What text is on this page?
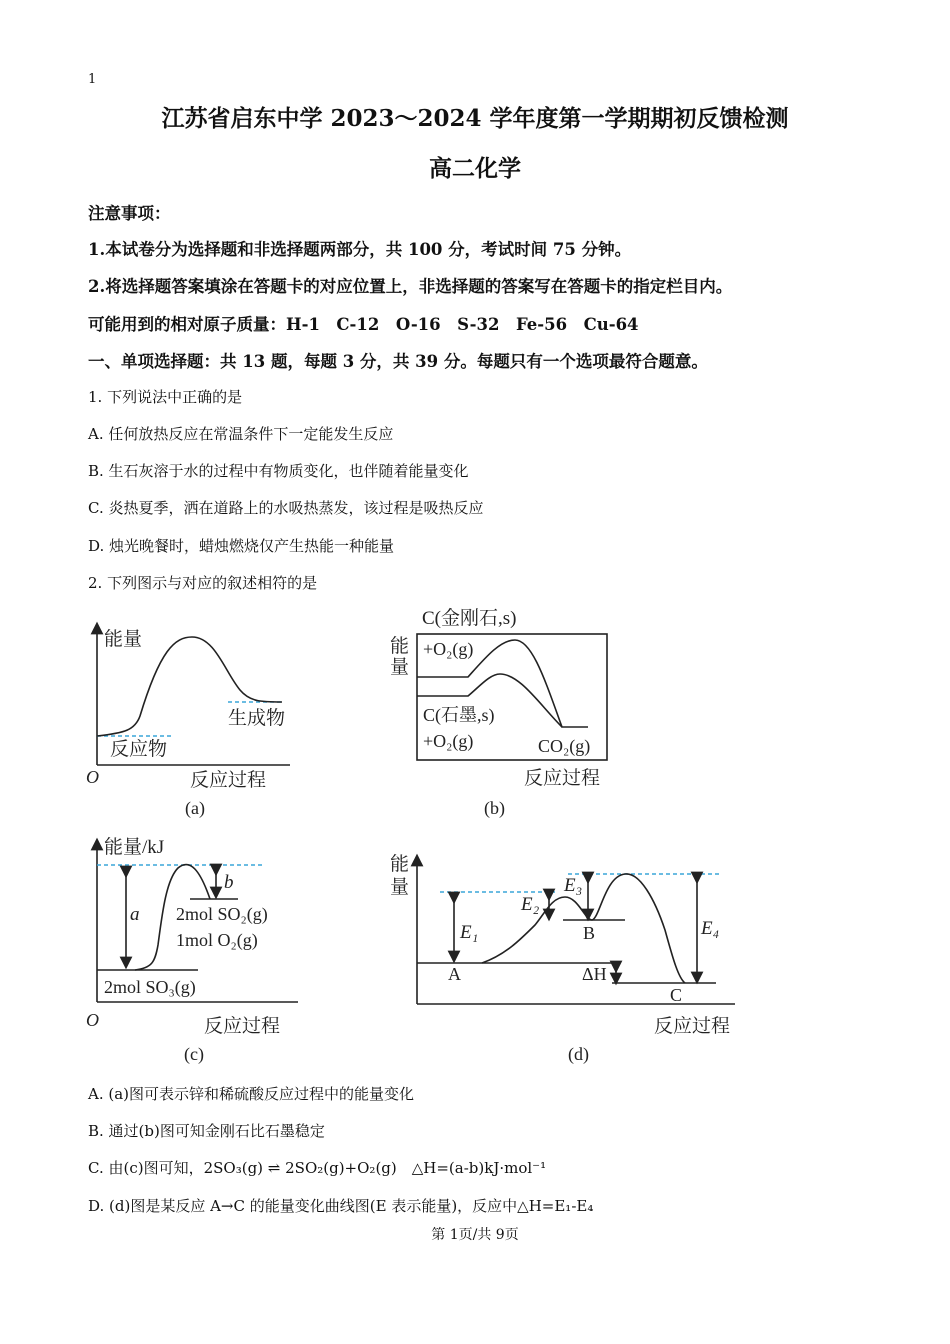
1
江苏省启东中学 2023～2024 学年度第一学期期初反馈检测
高二化学
注意事项：
1.本试卷分为选择题和非选择题两部分，共 100 分，考试时间 75 分钟。
2.将选择题答案填涂在答题卡的对应位置上，非选择题的答案写在答题卡的指定栏目内。
可能用到的相对原子质量：H-1　C-12　O-16　S-32　Fe-56　Cu-64
一、单项选择题：共 13 题，每题 3 分，共 39 分。每题只有一个选项最符合题意。
1. 下列说法中正确的是
A. 任何放热反应在常温条件下一定能发生反应
B. 生石灰溶于水的过程中有物质变化，也伴随着能量变化
C. 炎热夏季，洒在道路上的水吸热蒸发，该过程是吸热反应
D. 烛光晚餐时，蜡烛燃烧仅产生热能一种能量
2. 下列图示与对应的叙述相符的是
能量
生成物
反应物
O	反应过程
(a)
C(金刚石,s)
能
量
+O₂(g)
C(石墨,s)
+O₂(g)	CO₂(g)
反应过程
(b)
能量/kJ
a
b
2mol SO₂(g)
1mol O₂(g)
2mol SO₃(g)
O	反应过程
(c)
能
量
E₁
E₂
E₃
E₄
A
B
C
ΔH
反应过程
(d)
A. (a)图可表示锌和稀硫酸反应过程中的能量变化
B. 通过(b)图可知金刚石比石墨稳定
C. 由(c)图可知，2SO₃(g) ⇌ 2SO₂(g)+O₂(g)　△H=(a-b)kJ·mol⁻¹
D. (d)图是某反应 A→C 的能量变化曲线图(E 表示能量)，反应中△H=E₁-E₄
第 1页/共 9页
